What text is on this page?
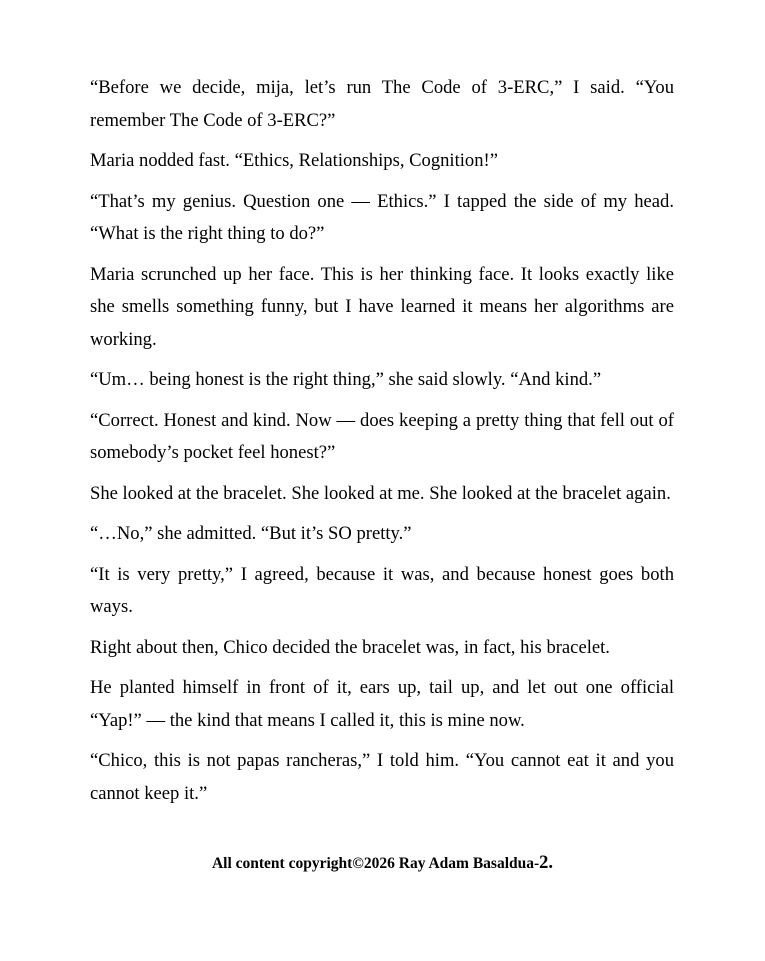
“Before we decide, mija, let’s run The Code of 3-ERC,” I said. “You remember The Code of 3-ERC?”

Maria nodded fast. “Ethics, Relationships, Cognition!”

“That’s my genius. Question one — Ethics.” I tapped the side of my head. “What is the right thing to do?”

Maria scrunched up her face. This is her thinking face. It looks exactly like she smells something funny, but I have learned it means her algorithms are working.

“Um… being honest is the right thing,” she said slowly. “And kind.”

“Correct. Honest and kind. Now — does keeping a pretty thing that fell out of somebody’s pocket feel honest?”

She looked at the bracelet. She looked at me. She looked at the bracelet again.

“…No,” she admitted. “But it’s SO pretty.”

“It is very pretty,” I agreed, because it was, and because honest goes both ways.

Right about then, Chico decided the bracelet was, in fact, his bracelet.

He planted himself in front of it, ears up, tail up, and let out one official “Yap!” — the kind that means I called it, this is mine now.

“Chico, this is not papas rancheras,” I told him. “You cannot eat it and you cannot keep it.”

All content copyright©2026 Ray Adam Basaldua-2.
